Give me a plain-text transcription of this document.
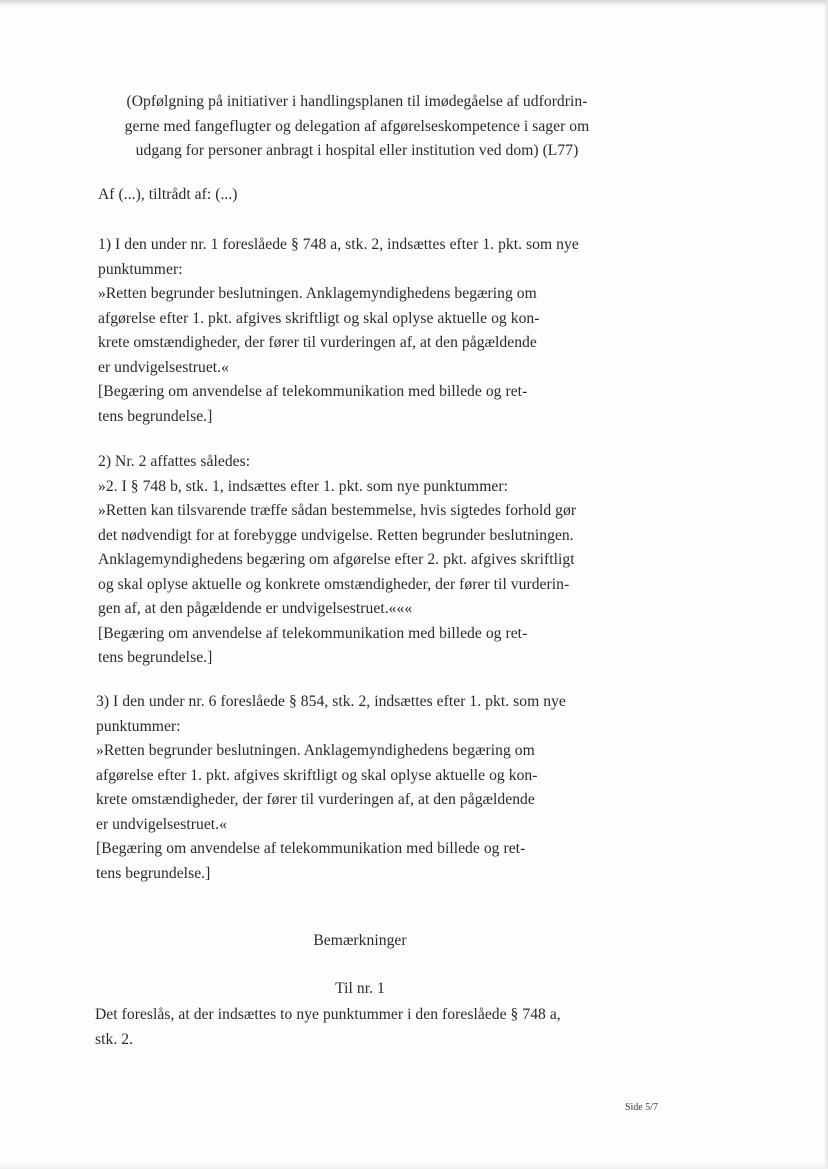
(Opfølgning på initiativer i handlingsplanen til imødegåelse af udfordrin-
gerne med fangeflugter og delegation af afgørelseskompetence i sager om
udgang for personer anbragt i hospital eller institution ved dom) (L77)
Af (...), tiltrådt af: (...)
1) I den under nr. 1 foreslåede § 748 a, stk. 2, indsættes efter 1. pkt. som nye
punktummer:
»Retten begrunder beslutningen. Anklagemyndighedens begæring om
afgørelse efter 1. pkt. afgives skriftligt og skal oplyse aktuelle og kon-
krete omstændigheder, der fører til vurderingen af, at den pågældende
er undvigelsestruet.«
[Begæring om anvendelse af telekommunikation med billede og ret-
tens begrundelse.]
2) Nr. 2 affattes således:
»2. I § 748 b, stk. 1, indsættes efter 1. pkt. som nye punktummer:
»Retten kan tilsvarende træffe sådan bestemmelse, hvis sigtedes forhold gør
det nødvendigt for at forebygge undvigelse. Retten begrunder beslutningen.
Anklagemyndighedens begæring om afgørelse efter 2. pkt. afgives skriftligt
og skal oplyse aktuelle og konkrete omstændigheder, der fører til vurderin-
gen af, at den pågældende er undvigelsestruet.«««
[Begæring om anvendelse af telekommunikation med billede og ret-
tens begrundelse.]
3) I den under nr. 6 foreslåede § 854, stk. 2, indsættes efter 1. pkt. som nye
punktummer:
»Retten begrunder beslutningen. Anklagemyndighedens begæring om
afgørelse efter 1. pkt. afgives skriftligt og skal oplyse aktuelle og kon-
krete omstændigheder, der fører til vurderingen af, at den pågældende
er undvigelsestruet.«
[Begæring om anvendelse af telekommunikation med billede og ret-
tens begrundelse.]
Bemærkninger
Til nr. 1
Det foreslås, at der indsættes to nye punktummer i den foreslåede § 748 a,
stk. 2.
Side 5/7
